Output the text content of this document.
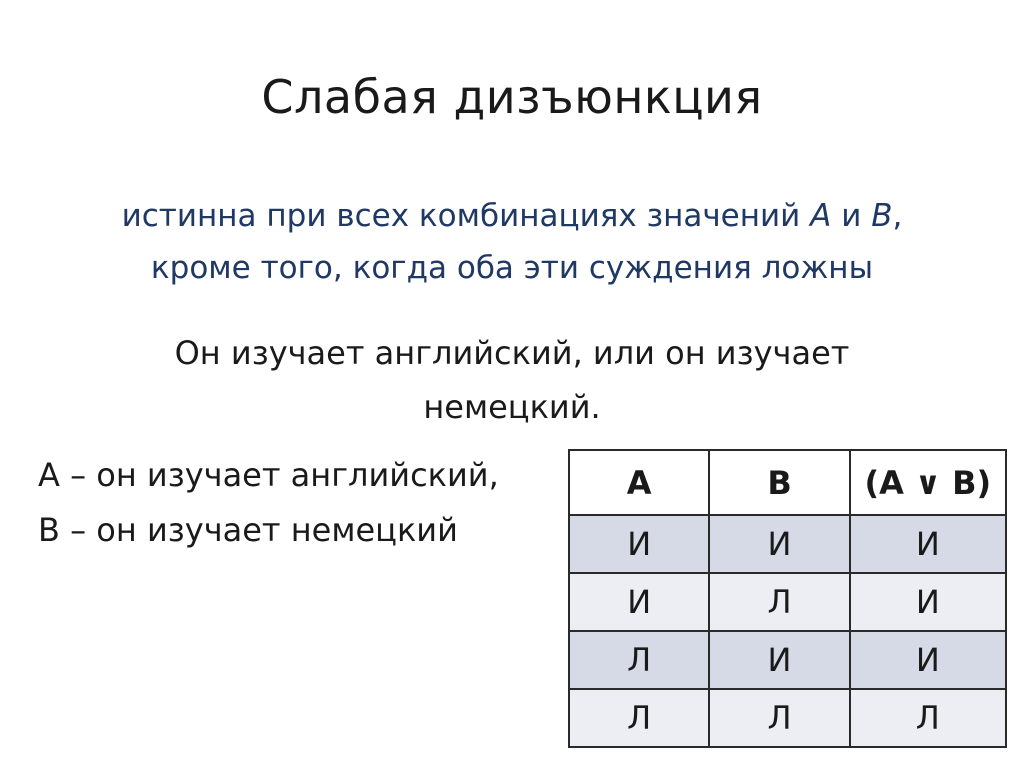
Слабая дизъюнкция
истинна при всех комбинациях значений A и B,
кроме того, когда оба эти суждения ложны
Он изучает английский, или он изучает
немецкий.
А – он изучает английский,
В – он изучает немецкий
A	B	(A ∨ B)
И	И	И
И	Л	И
Л	И	И
Л	Л	Л
